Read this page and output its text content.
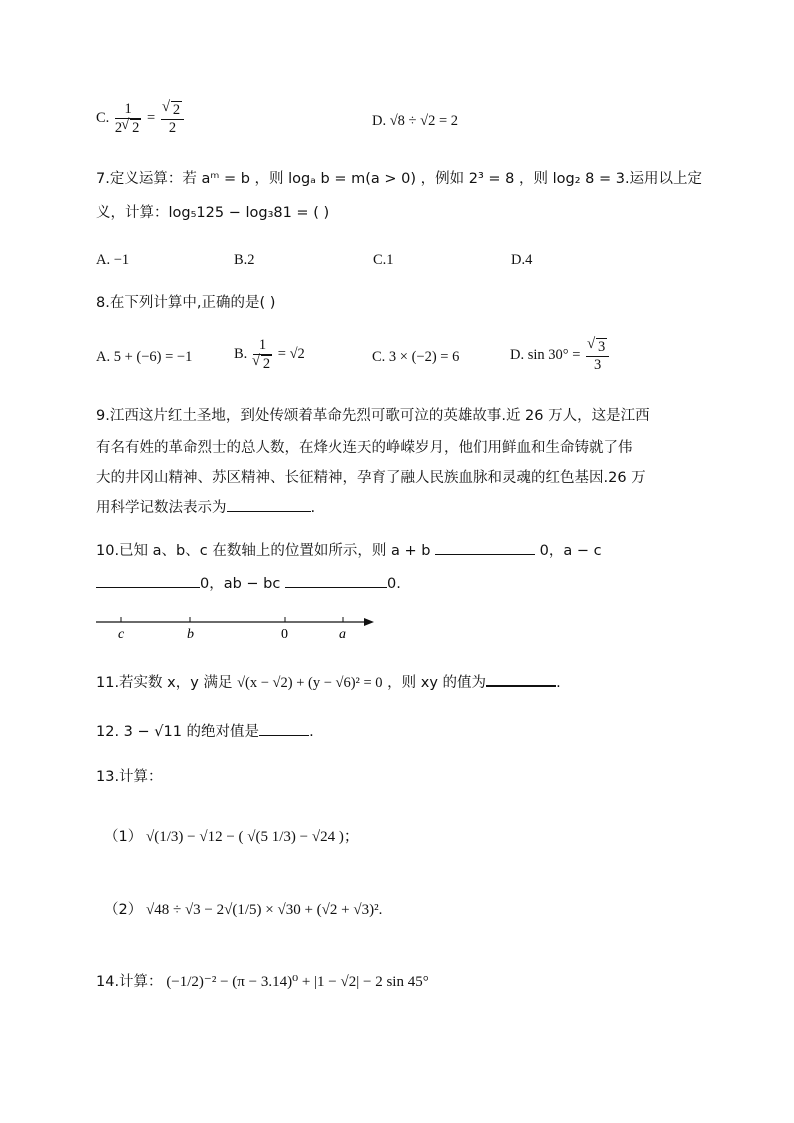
C. $\frac{1}{2 √ 2}$ = √ $\frac{2}{2}$	D. √8 ÷ √2 = 2
7.定义运算：若 aᵐ = b ，则 logₐ b = m(a > 0) ，例如 2³ = 8 ，则 log₂ 8 = 3.运用以上定
义，计算：log₅125 − log₃81 = ( )
A. −1	B.2	C.1	D.4
8.在下列计算中,正确的是( )
A. 5 + (−6) = −1	B. 1
√ 2 = √2	C. 3 × (−2) = 6	D. sin 30° = √ $\frac{3}{3}$
9.江西这片红土圣地，到处传颂着革命先烈可歌可泣的英雄故事.近 26 万人，这是江西
有名有姓的革命烈士的总人数，在烽火连天的峥嵘岁月，他们用鲜血和生命铸就了伟
大的井冈山精神、苏区精神、长征精神，孕育了融人民族血脉和灵魂的红色基因.26 万
用科学记数法表示为	.
10.已知 a、b、c 在数轴上的位置如所示，则 a + b	0，a − c
0，ab − bc	0.
c	b	0	a
11.若实数 x，y 满足 √(x − √2) + (y − √6)² = 0 ，则 xy 的值为	.
12. 3 − √11 的绝对值是	.
13.计算：
（1） √(1/3) − √12 − ( √(5 1/3) − √24 )；
（2） √48 ÷ √3 − 2√(1/5) × √30 + (√2 + √3)².
14.计算： (−1/2)⁻² − (π − 3.14)⁰ + |1 − √2| − 2 sin 45°
